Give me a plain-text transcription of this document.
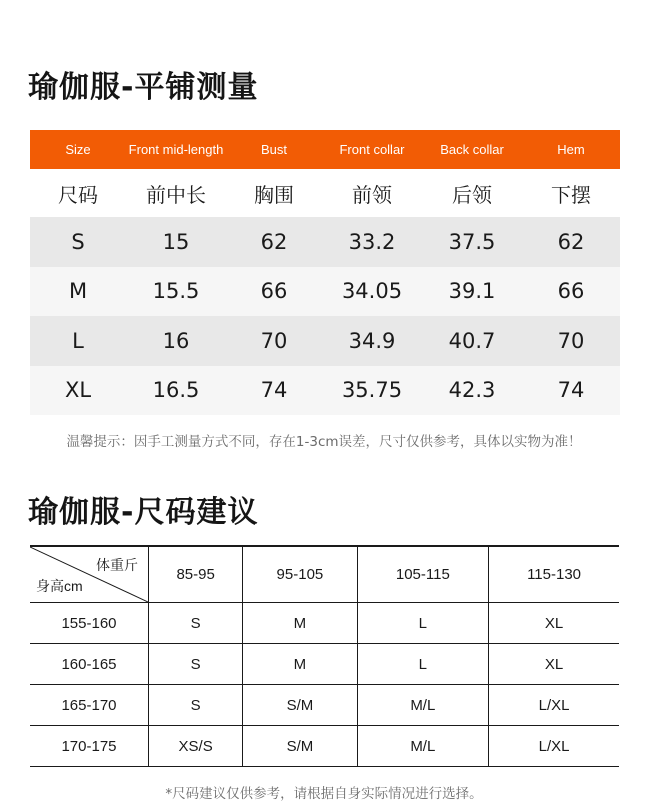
瑜伽服-平铺测量
Size	Front mid-length	Bust	Front collar	Back collar	Hem
尺码	前中长	胸围	前领	后领	下摆
S	15	62	33.2	37.5	62
M	15.5	66	34.05	39.1	66
L	16	70	34.9	40.7	70
XL	16.5	74	35.75	42.3	74
温馨提示：因手工测量方式不同，存在1-3cm误差，尺寸仅供参考，具体以实物为准！
瑜伽服-尺码建议
体重斤
身高cm	85-95	95-105	105-115	115-130
155-160	S	M	L	XL
160-165	S	M	L	XL
165-170	S	S/M	M/L	L/XL
170-175	XS/S	S/M	M/L	L/XL
*尺码建议仅供参考，请根据自身实际情况进行选择。
